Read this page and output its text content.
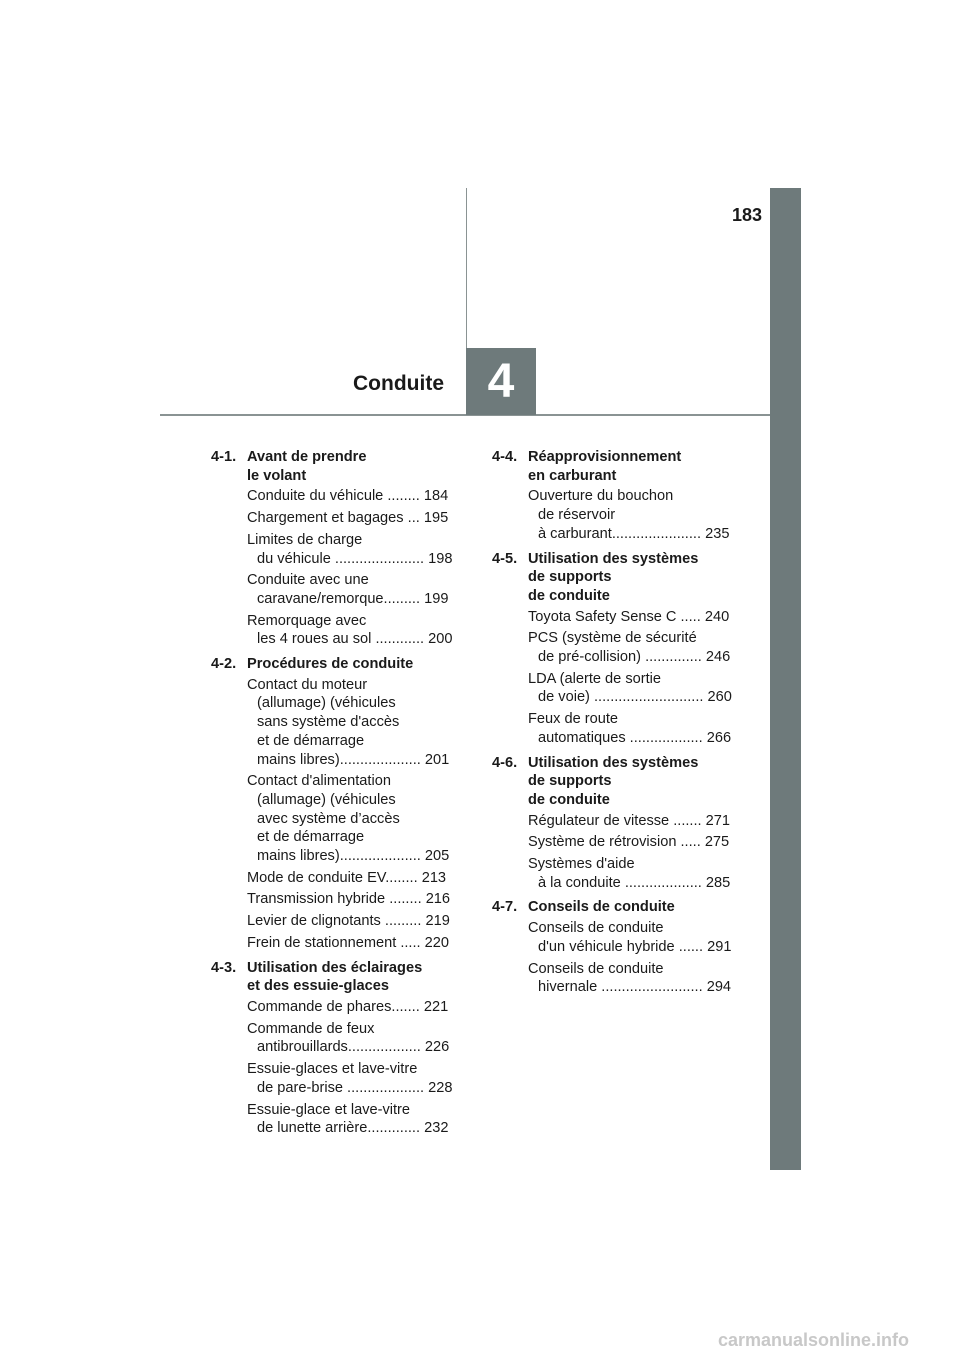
183
Conduite 4
4-1. Avant de prendre
le volant
Conduite du véhicule ........ 184
Chargement et bagages ... 195
Limites de charge
du véhicule ...................... 198
Conduite avec une
caravane/remorque......... 199
Remorquage avec
les 4 roues au sol ............ 200
4-2. Procédures de conduite
Contact du moteur
(allumage) (véhicules
sans système d'accès
et de démarrage
mains libres).................... 201
Contact d'alimentation
(allumage) (véhicules
avec système d’accès
et de démarrage
mains libres).................... 205
Mode de conduite EV........ 213
Transmission hybride ........ 216
Levier de clignotants ......... 219
Frein de stationnement ..... 220
4-3. Utilisation des éclairages
et des essuie-glaces
Commande de phares....... 221
Commande de feux
antibrouillards.................. 226
Essuie-glaces et lave-vitre
de pare-brise ................... 228
Essuie-glace et lave-vitre
de lunette arrière............. 232
4-4. Réapprovisionnement
en carburant
Ouverture du bouchon
de réservoir
à carburant...................... 235
4-5. Utilisation des systèmes
de supports
de conduite
Toyota Safety Sense C ..... 240
PCS (système de sécurité
de pré-collision) .............. 246
LDA (alerte de sortie
de voie) ........................... 260
Feux de route
automatiques .................. 266
4-6. Utilisation des systèmes
de supports
de conduite
Régulateur de vitesse ....... 271
Système de rétrovision ..... 275
Systèmes d'aide
à la conduite ................... 285
4-7. Conseils de conduite
Conseils de conduite
d'un véhicule hybride ...... 291
Conseils de conduite
hivernale ......................... 294
carmanualsonline.info
